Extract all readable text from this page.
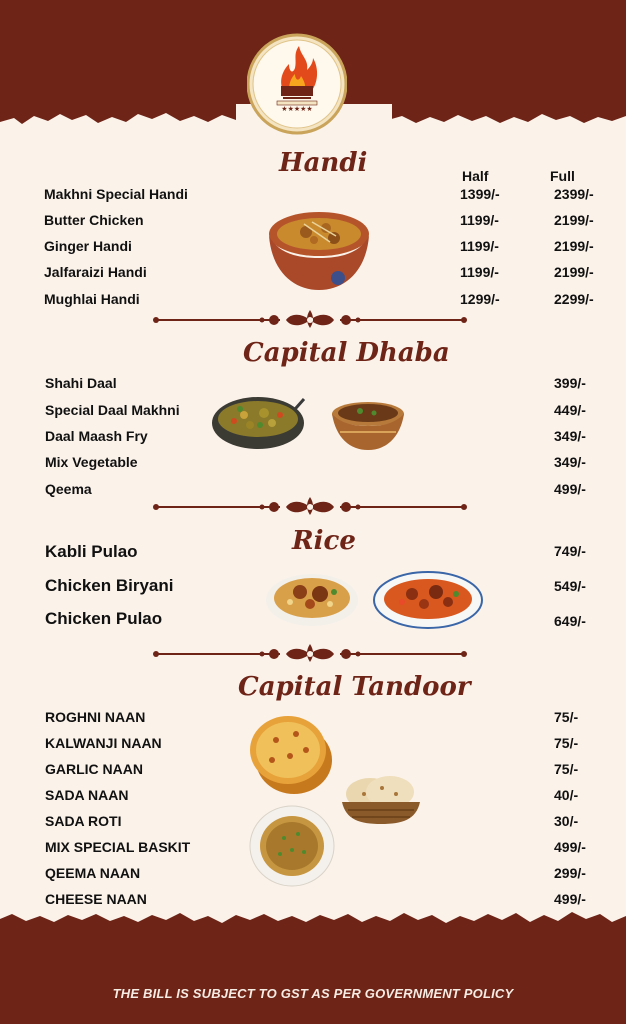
★★★★★
Handi	Half	Full
Makhni Special Handi	1399/-	2399/-
Butter Chicken	1199/-	2199/-
Ginger Handi	1199/-	2199/-
Jalfaraizi Handi	1199/-	2199/-
Mughlai Handi	1299/-	2299/-
Capital Dhaba
Shahi Daal	399/-
Special Daal Makhni	449/-
Daal Maash Fry	349/-
Mix Vegetable	349/-
Qeema	499/-
Rice
Kabli Pulao	749/-
Chicken Biryani	549/-
Chicken Pulao	649/-
Capital Tandoor
ROGHNI NAAN	75/-
KALWANJI NAAN	75/-
GARLIC NAAN	75/-
SADA NAAN	40/-
SADA ROTI	30/-
MIX SPECIAL BASKIT	499/-
QEEMA NAAN	299/-
CHEESE NAAN	499/-
THE BILL IS SUBJECT TO GST AS PER GOVERNMENT POLICY
